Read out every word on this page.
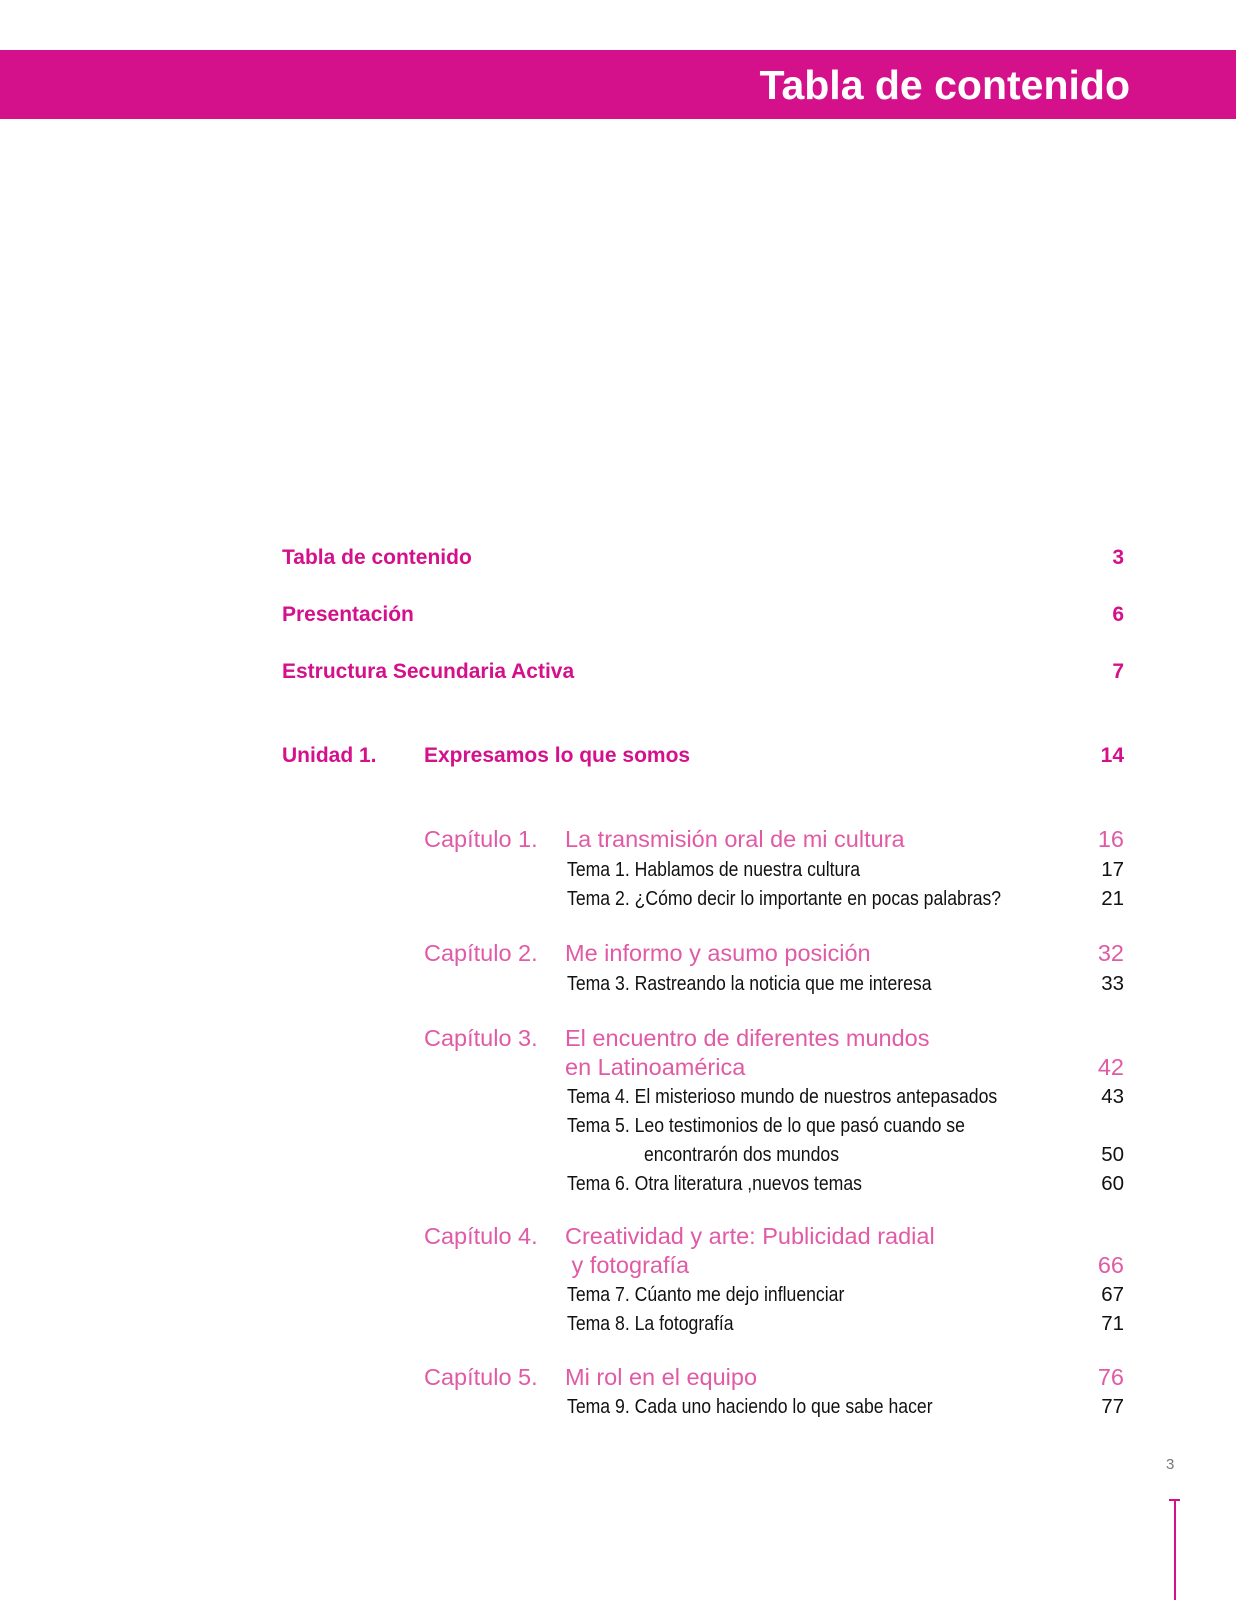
Tabla de contenido
Tabla de contenido	3
Presentación	6
Estructura Secundaria Activa	7
Unidad 1. Expresamos lo que somos	14
Capítulo 1. La transmisión oral de mi cultura	16
Tema 1. Hablamos de nuestra cultura	17
Tema 2. ¿Cómo decir lo importante en pocas palabras?	21
Capítulo 2. Me informo y asumo posición	32
Tema 3. Rastreando la noticia que me interesa	33
Capítulo 3. El encuentro de diferentes mundos
en Latinoamérica	42
Tema 4. El misterioso mundo de nuestros antepasados	43
Tema 5. Leo testimonios de lo que pasó cuando se
encontrarón dos mundos	50
Tema 6. Otra literatura ,nuevos temas	60
Capítulo 4. Creatividad y arte: Publicidad radial
y fotografía	66
Tema 7. Cúanto me dejo influenciar	67
Tema 8. La fotografía	71
Capítulo 5. Mi rol en el equipo	76
Tema 9. Cada uno haciendo lo que sabe hacer	77
3
